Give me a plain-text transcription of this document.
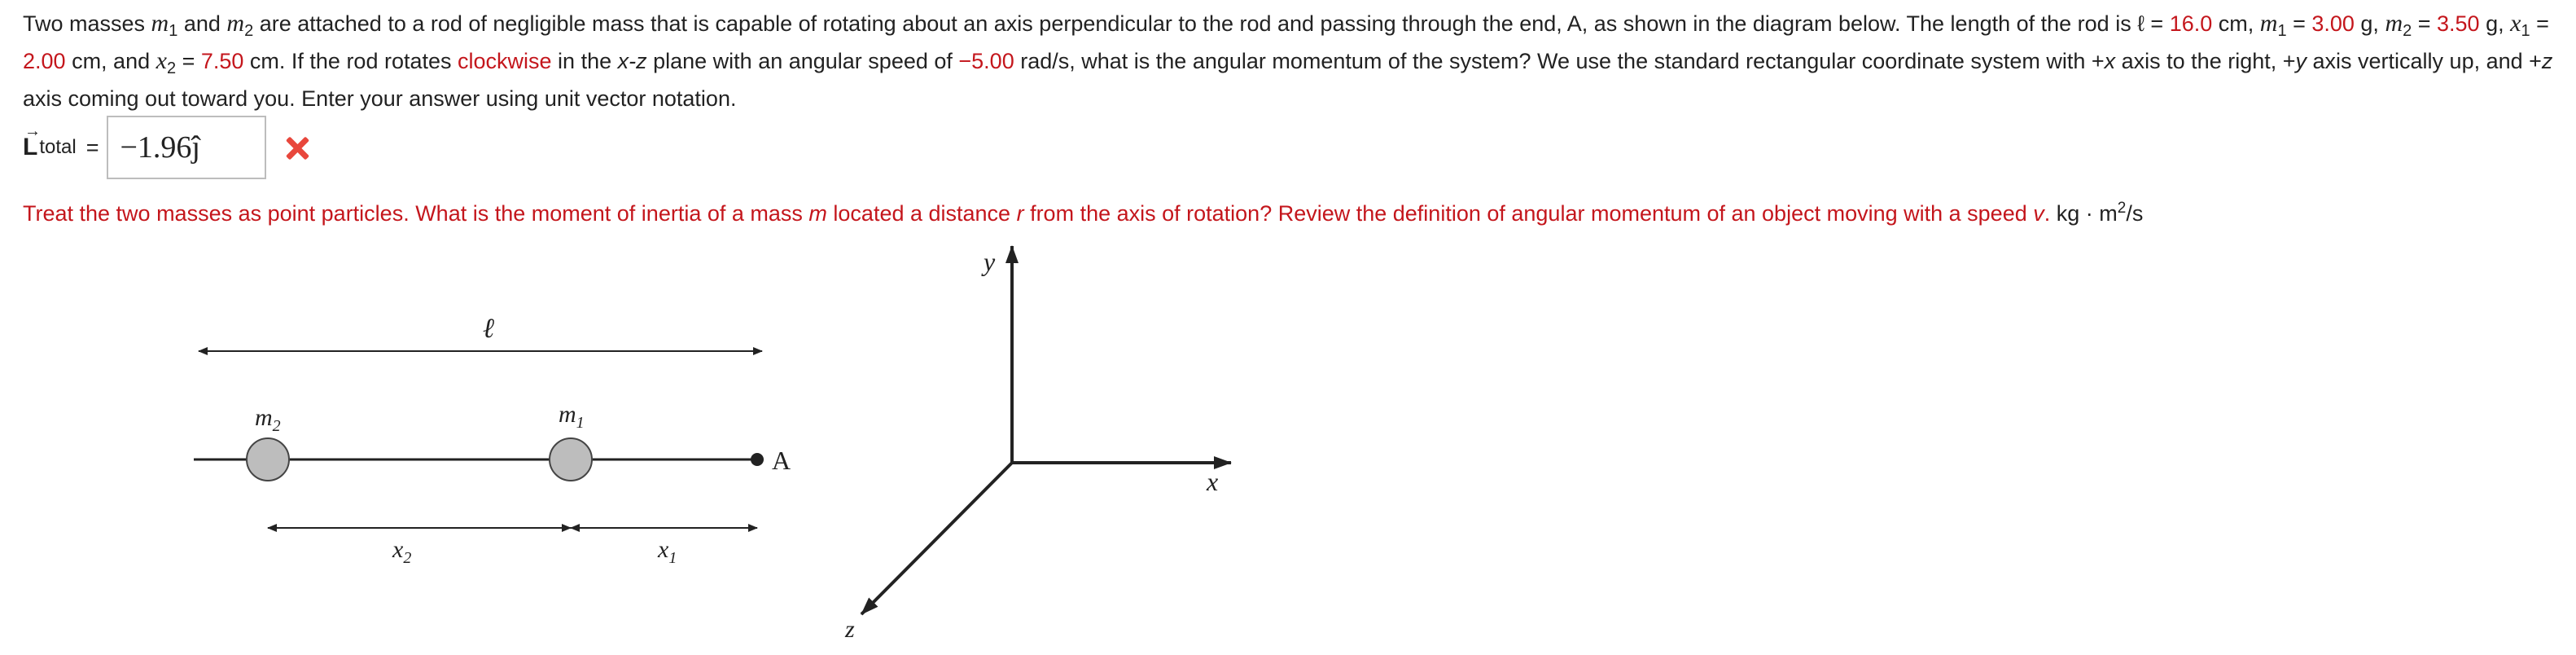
Two masses $m_1$ and $m_2$ are attached to a rod of negligible mass that is capable of rotating about an axis perpendicular to the rod and passing through the end, A, as shown in the diagram below. The length of the rod is ℓ = 16.0 cm, $m_1 = 3.00$ g, $m_2 = 3.50$ g, $x_1 = 2.00$ cm, and $x_2 = 7.50$ cm. If the rod rotates clockwise in the x-z plane with an angular speed of −5.00 rad/s, what is the angular momentum of the system? We use the standard rectangular coordinate system with +x axis to the right, +y axis vertically up, and +z axis coming out toward you. Enter your answer using unit vector notation.
→
L total = −1.96ĵ
Treat the two masses as point particles. What is the moment of inertia of a mass m located a distance r from the axis of rotation? Review the definition of angular momentum of an object moving with a speed v. kg · $m^2/s$
ℓ
A
$m_2$	$m_1$
$x_2$	$x_1$
y
x
z
